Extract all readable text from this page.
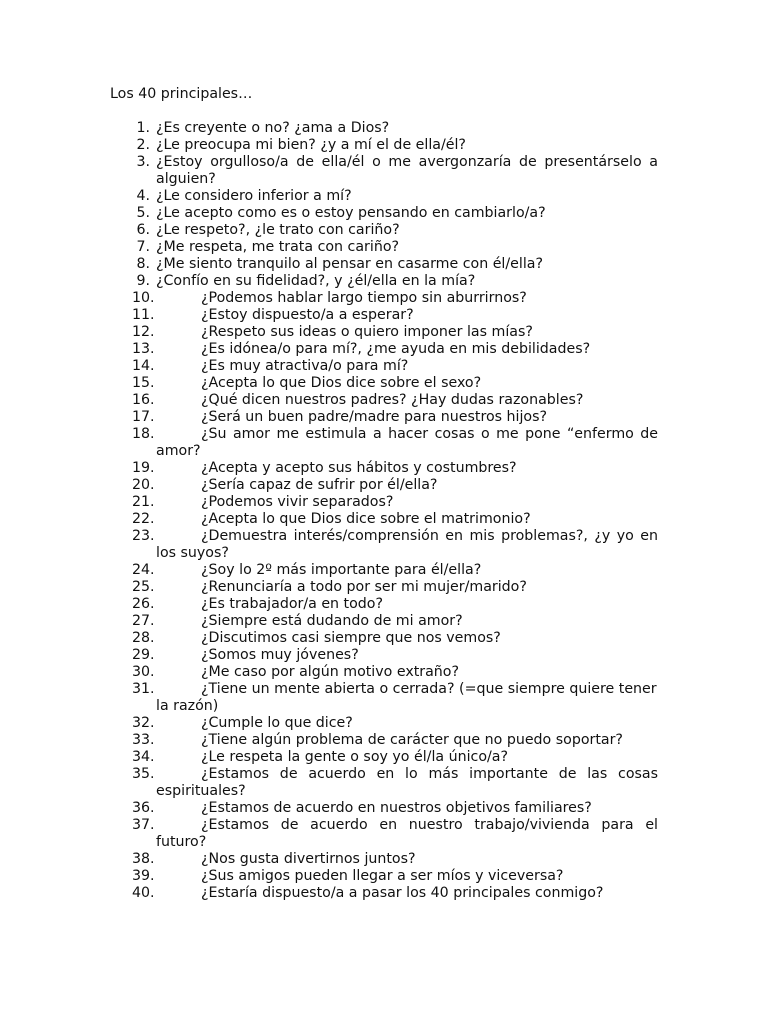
Los 40 principales…
1. ¿Es creyente o no? ¿ama a Dios?
2. ¿Le preocupa mi bien? ¿y a mí el de ella/él?
3. ¿Estoy orgulloso/a de ella/él o me avergonzaría de presentárselo a alguien?
4. ¿Le considero inferior a mí?
5. ¿Le acepto como es o estoy pensando en cambiarlo/a?
6. ¿Le respeto?, ¿le trato con cariño?
7. ¿Me respeta, me trata con cariño?
8. ¿Me siento tranquilo al pensar en casarme con él/ella?
9. ¿Confío en su fidelidad?, y ¿él/ella en la mía?
10.	¿Podemos hablar largo tiempo sin aburrirnos?
11.	¿Estoy dispuesto/a a esperar?
12.	¿Respeto sus ideas o quiero imponer las mías?
13.	¿Es idónea/o para mí?, ¿me ayuda en mis debilidades?
14.	¿Es muy atractiva/o para mí?
15.	¿Acepta lo que Dios dice sobre el sexo?
16.	¿Qué dicen nuestros padres? ¿Hay dudas razonables?
17.	¿Será un buen padre/madre para nuestros hijos?
18.	¿Su amor me estimula a hacer cosas o me pone “enfermo de amor?
19.	¿Acepta y acepto sus hábitos y costumbres?
20.	¿Sería capaz de sufrir por él/ella?
21.	¿Podemos vivir separados?
22.	¿Acepta lo que Dios dice sobre el matrimonio?
23.	¿Demuestra interés/comprensión en mis problemas?, ¿y yo en los suyos?
24.	¿Soy lo 2º más importante para él/ella?
25.	¿Renunciaría a todo por ser mi mujer/marido?
26.	¿Es trabajador/a en todo?
27.	¿Siempre está dudando de mi amor?
28.	¿Discutimos casi siempre que nos vemos?
29.	¿Somos muy jóvenes?
30.	¿Me caso por algún motivo extraño?
31.	¿Tiene un mente abierta o cerrada? (=que siempre quiere tener la razón)
32.	¿Cumple lo que dice?
33.	¿Tiene algún problema de carácter que no puedo soportar?
34.	¿Le respeta la gente o soy yo él/la único/a?
35.	¿Estamos de acuerdo en lo más importante de las cosas espirituales?
36.	¿Estamos de acuerdo en nuestros objetivos familiares?
37.	¿Estamos de acuerdo en nuestro trabajo/vivienda para el futuro?
38.	¿Nos gusta divertirnos juntos?
39.	¿Sus amigos pueden llegar a ser míos y viceversa?
40.	¿Estaría dispuesto/a a pasar los 40 principales conmigo?
